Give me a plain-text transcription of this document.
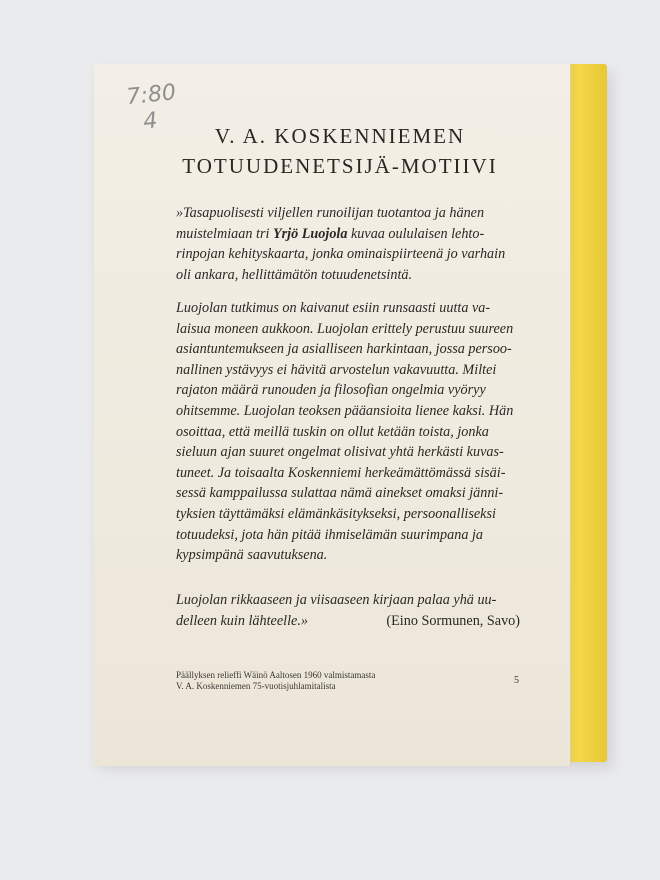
7:80
4
V. A. KOSKENNIEMEN
TOTUUDENETSIJÄ-MOTIIVI
»Tasapuolisesti viljellen runoilijan tuotantoa ja hänen
muistelmiaan tri Yrjö Luojola kuvaa oululaisen lehto-
rinpojan kehityskaarta, jonka ominaispiirteenä jo varhain
oli ankara, hellittämätön totuudenetsintä.
Luojolan tutkimus on kaivanut esiin runsaasti uutta va-
laisua moneen aukkoon. Luojolan erittely perustuu suureen
asiantuntemukseen ja asialliseen harkintaan, jossa persoo-
nallinen ystävyys ei hävitä arvostelun vakavuutta. Miltei
rajaton määrä runouden ja filosofian ongelmia vyöryy
ohitsemme. Luojolan teoksen pääansioita lienee kaksi. Hän
osoittaa, että meillä tuskin on ollut ketään toista, jonka
sieluun ajan suuret ongelmat olisivat yhtä herkästi kuvas-
tuneet. Ja toisaalta Koskenniemi herkeämättömässä sisäi-
sessä kamppailussa sulattaa nämä ainekset omaksi jänni-
tyksien täyttämäksi elämänkäsitykseksi, persoonalliseksi
totuudeksi, jota hän pitää ihmiselämän suurimpana ja
kypsimpänä saavutuksena.
Luojolan rikkaaseen ja viisaaseen kirjaan palaa yhä uu-
delleen kuin lähteelle.»	(Eino Sormunen, Savo)
Päällyksen relieffi Wäinö Aaltosen 1960 valmistamasta
V. A. Koskenniemen 75-vuotisjuhlamitalista	5
